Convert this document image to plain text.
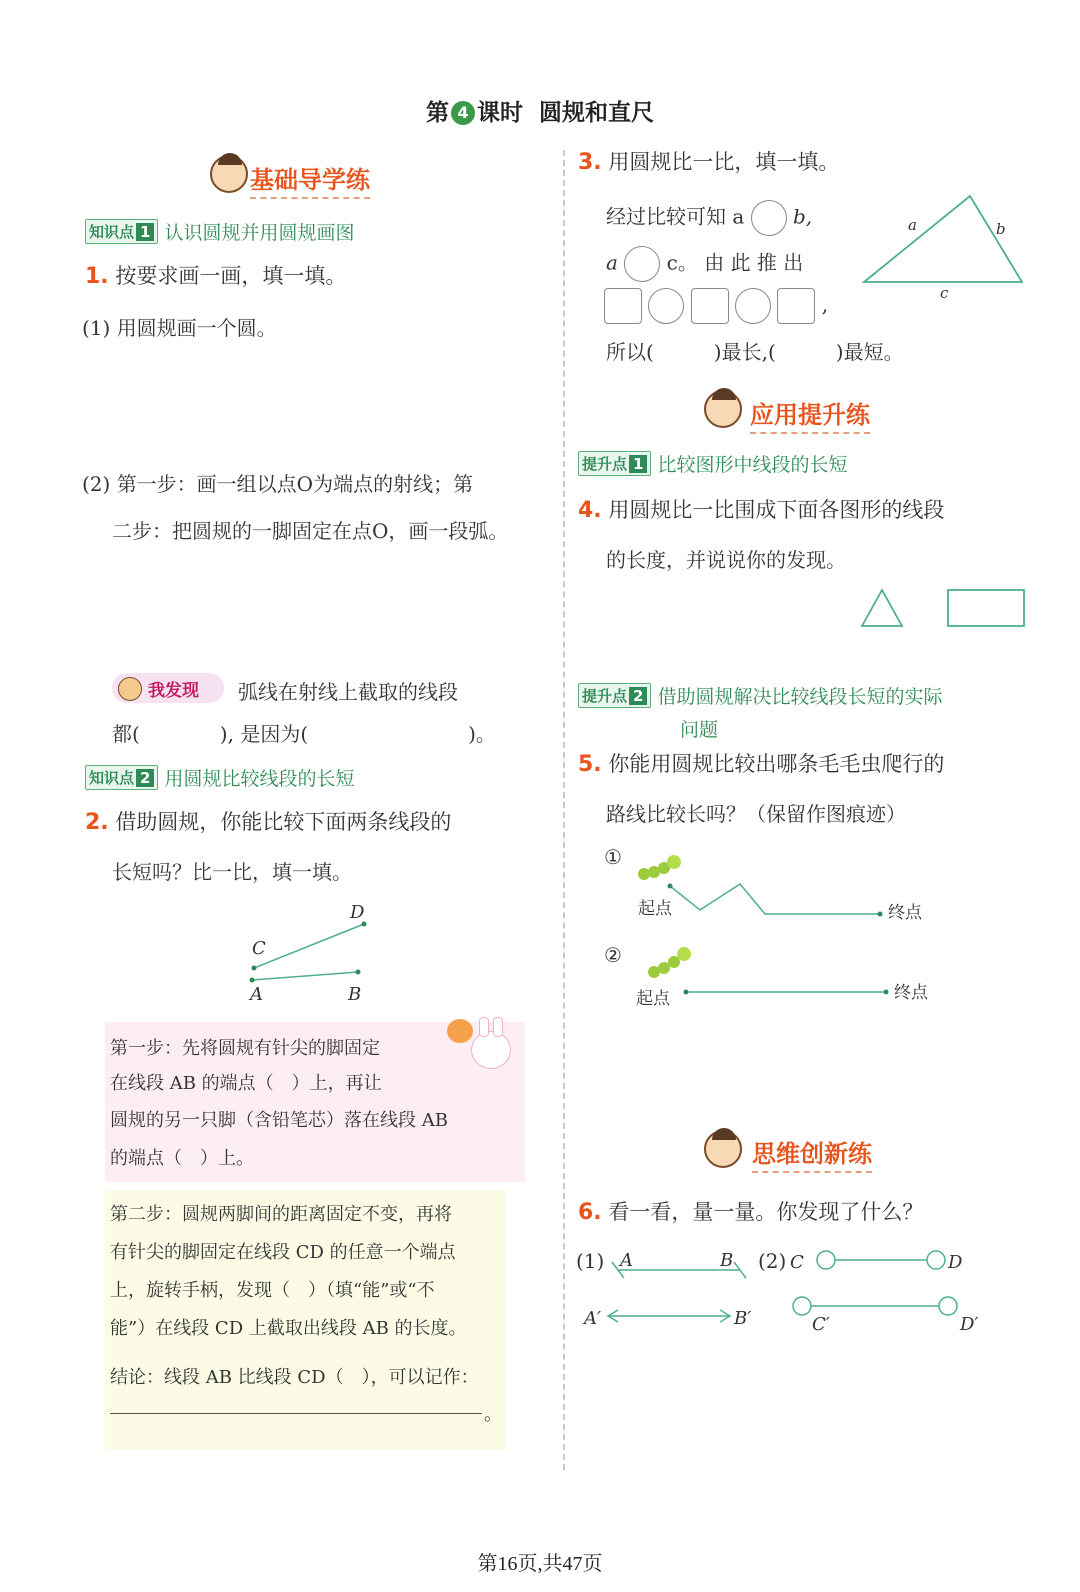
第 4 课时 圆规和直尺
基础导学练
知识点 1 认识圆规并用圆规画图
1. 按要求画一画，填一填。
(1) 用圆规画一个圆。
(2) 第一步：画一组以点O为端点的射线；第
二步：把圆规的一脚固定在点O，画一段弧。
我发现 弧线在射线上截取的线段
都(　　　　), 是因为(　　　　　　　　)。
知识点 2 用圆规比较线段的长短
2. 借助圆规，你能比较下面两条线段的
长短吗？比一比，填一填。
C
D
A	B
第一步：先将圆规有针尖的脚固定
在线段 AB 的端点（　）上，再让
圆规的另一只脚（含铅笔芯）落在线段 AB
的端点（　）上。
第二步：圆规两脚间的距离固定不变，再将
有针尖的脚固定在线段 CD 的任意一个端点
上，旋转手柄，发现（　）（填“能”或“不
能”）在线段 CD 上截取出线段 AB 的长度。
结论：线段 AB 比线段 CD（　），可以记作：
。
3. 用圆规比一比，填一填。
经过比较可知 a b,
a c。 由 此 推 出
,
所以(　　　)最长,(　　　)最短。
a	b
c
应用提升练
提升点 1 比较图形中线段的长短
4. 用圆规比一比围成下面各图形的线段
的长度，并说说你的发现。
提升点 2 借助圆规解决比较线段长短的实际
问题
5. 你能用圆规比较出哪条毛毛虫爬行的
路线比较长吗？（保留作图痕迹）
①
起点	终点
②
起点	终点
思维创新练
6. 看一看，量一量。你发现了什么？
(1) A	B
A′	B′
(2) C	D
C′	D′
第16页,共47页
